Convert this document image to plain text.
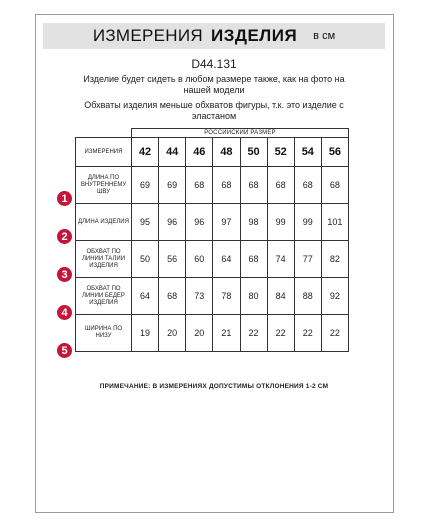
ИЗМЕРЕНИЯ ИЗДЕЛИЯ в см
D44.131
Изделие будет сидеть в любом размере также, как на фото на нашей модели
Обхваты изделия меньше обхватов фигуры, т.к. это изделие с эластаном
	РОССИЙСКИЙ РАЗМЕР							
ИЗМЕРЕНИЯ	42	44	46	48	50	52	54	56
ДЛИНА ПО ВНУТРЕННЕМУ ШВУ	69	69	68	68	68	68	68	68
ДЛИНА ИЗДЕЛИЯ	95	96	96	97	98	99	99	101
ОБХВАТ ПО ЛИНИИ ТАЛИИ ИЗДЕЛИЯ	50	56	60	64	68	74	77	82
ОБХВАТ ПО ЛИНИИ БЕДЕР ИЗДЕЛИЯ	64	68	73	78	80	84	88	92
ШИРИНА ПО НИЗУ	19	20	20	21	22	22	22	22
1
2
3
4
5
ПРИМЕЧАНИЕ: В ИЗМЕРЕНИЯХ ДОПУСТИМЫ ОТКЛОНЕНИЯ 1-2 СМ
